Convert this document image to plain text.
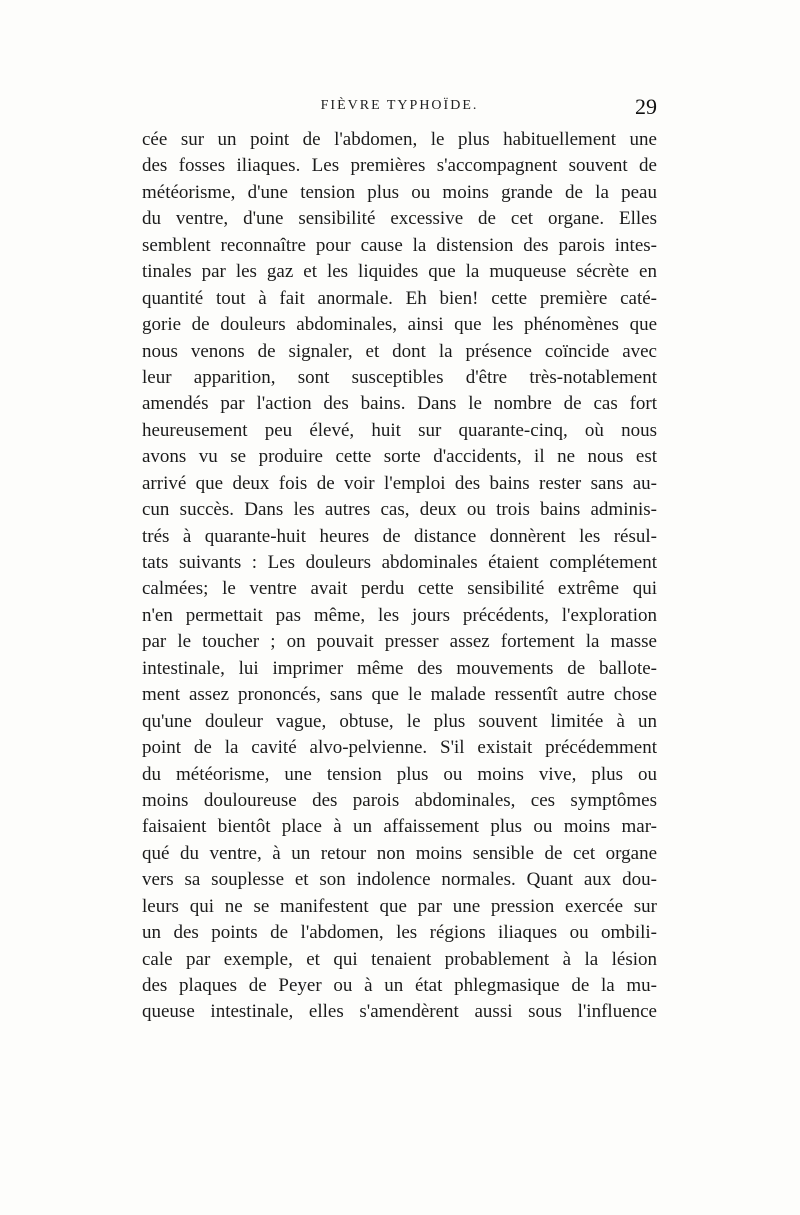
FIÈVRE TYPHOÏDE.	29
cée sur un point de l'abdomen, le plus habituellement une
des fosses iliaques. Les premières s'accompagnent souvent de
météorisme, d'une tension plus ou moins grande de la peau
du ventre, d'une sensibilité excessive de cet organe. Elles
semblent reconnaître pour cause la distension des parois intes-
tinales par les gaz et les liquides que la muqueuse sécrète en
quantité tout à fait anormale. Eh bien! cette première caté-
gorie de douleurs abdominales, ainsi que les phénomènes que
nous venons de signaler, et dont la présence coïncide avec
leur apparition, sont susceptibles d'être très-notablement
amendés par l'action des bains. Dans le nombre de cas fort
heureusement peu élevé, huit sur quarante-cinq, où nous
avons vu se produire cette sorte d'accidents, il ne nous est
arrivé que deux fois de voir l'emploi des bains rester sans au-
cun succès. Dans les autres cas, deux ou trois bains adminis-
trés à quarante-huit heures de distance donnèrent les résul-
tats suivants : Les douleurs abdominales étaient complétement
calmées; le ventre avait perdu cette sensibilité extrême qui
n'en permettait pas même, les jours précédents, l'exploration
par le toucher ; on pouvait presser assez fortement la masse
intestinale, lui imprimer même des mouvements de ballote-
ment assez prononcés, sans que le malade ressentît autre chose
qu'une douleur vague, obtuse, le plus souvent limitée à un
point de la cavité alvo-pelvienne. S'il existait précédemment
du météorisme, une tension plus ou moins vive, plus ou
moins douloureuse des parois abdominales, ces symptômes
faisaient bientôt place à un affaissement plus ou moins mar-
qué du ventre, à un retour non moins sensible de cet organe
vers sa souplesse et son indolence normales. Quant aux dou-
leurs qui ne se manifestent que par une pression exercée sur
un des points de l'abdomen, les régions iliaques ou ombili-
cale par exemple, et qui tenaient probablement à la lésion
des plaques de Peyer ou à un état phlegmasique de la mu-
queuse intestinale, elles s'amendèrent aussi sous l'influence
